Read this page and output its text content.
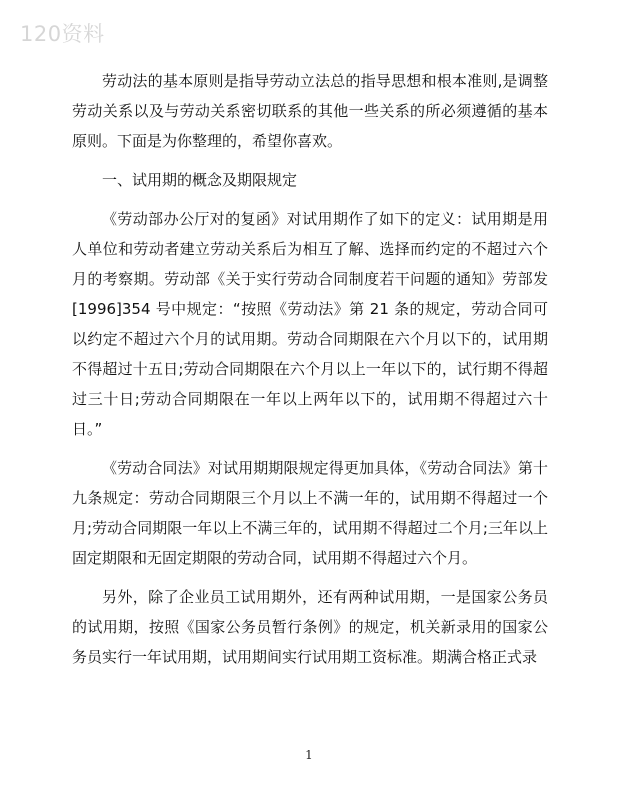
120资料

劳动法的基本原则是指导劳动立法总的指导思想和根本准则,是调整劳动关系以及与劳动关系密切联系的其他一些关系的所必须遵循的基本原则。下面是为你整理的，希望你喜欢。

一、试用期的概念及期限规定

《劳动部办公厅对的复函》对试用期作了如下的定义：试用期是用人单位和劳动者建立劳动关系后为相互了解、选择而约定的不超过六个月的考察期。劳动部《关于实行劳动合同制度若干问题的通知》劳部发[1996]354 号中规定：“按照《劳动法》第 21 条的规定，劳动合同可以约定不超过六个月的试用期。劳动合同期限在六个月以下的，试用期不得超过十五日;劳动合同期限在六个月以上一年以下的，试行期不得超过三十日;劳动合同期限在一年以上两年以下的，试用期不得超过六十日。”

《劳动合同法》对试用期期限规定得更加具体，《劳动合同法》第十九条规定：劳动合同期限三个月以上不满一年的，试用期不得超过一个月;劳动合同期限一年以上不满三年的，试用期不得超过二个月;三年以上固定期限和无固定期限的劳动合同，试用期不得超过六个月。

另外，除了企业员工试用期外，还有两种试用期，一是国家公务员的试用期，按照《国家公务员暂行条例》的规定，机关新录用的国家公务员实行一年试用期，试用期间实行试用期工资标准。期满合格正式录

1
